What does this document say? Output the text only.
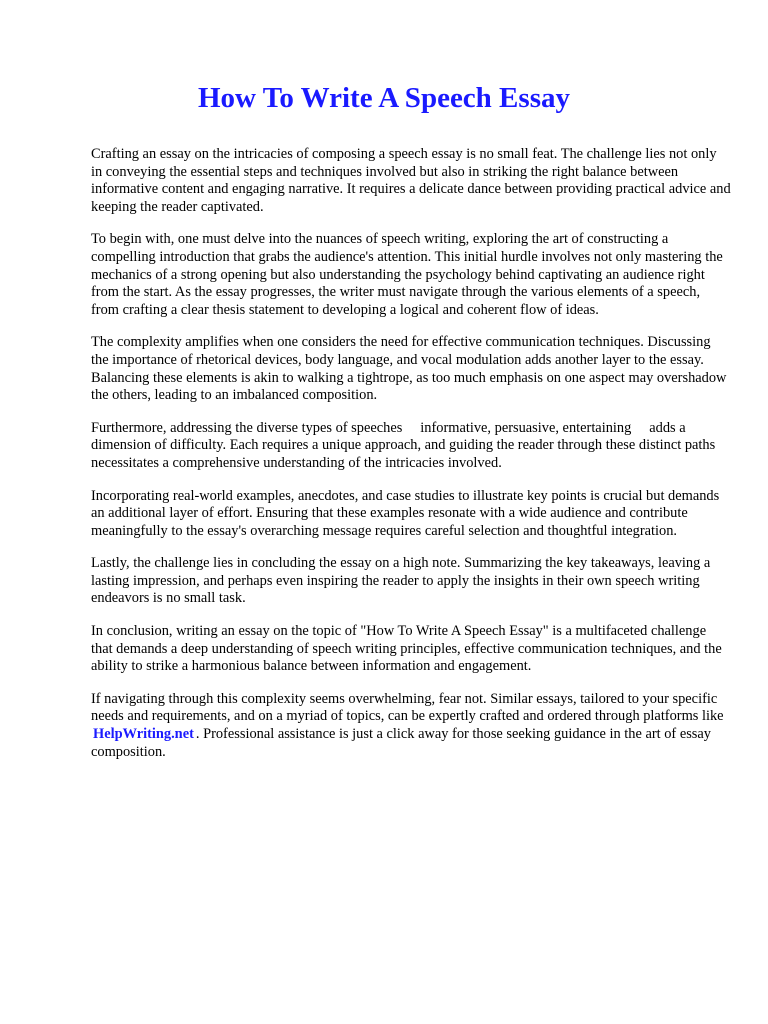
How To Write A Speech Essay

Crafting an essay on the intricacies of composing a speech essay is no small feat. The challenge lies not only in conveying the essential steps and techniques involved but also in striking the right balance between informative content and engaging narrative. It requires a delicate dance between providing practical advice and keeping the reader captivated.

To begin with, one must delve into the nuances of speech writing, exploring the art of constructing a compelling introduction that grabs the audience's attention. This initial hurdle involves not only mastering the mechanics of a strong opening but also understanding the psychology behind captivating an audience right from the start. As the essay progresses, the writer must navigate through the various elements of a speech, from crafting a clear thesis statement to developing a logical and coherent flow of ideas.

The complexity amplifies when one considers the need for effective communication techniques. Discussing the importance of rhetorical devices, body language, and vocal modulation adds another layer to the essay. Balancing these elements is akin to walking a tightrope, as too much emphasis on one aspect may overshadow the others, leading to an imbalanced composition.

Furthermore, addressing the diverse types of speeches  informative, persuasive, entertaining  adds a dimension of difficulty. Each requires a unique approach, and guiding the reader through these distinct paths necessitates a comprehensive understanding of the intricacies involved.

Incorporating real-world examples, anecdotes, and case studies to illustrate key points is crucial but demands an additional layer of effort. Ensuring that these examples resonate with a wide audience and contribute meaningfully to the essay's overarching message requires careful selection and thoughtful integration.

Lastly, the challenge lies in concluding the essay on a high note. Summarizing the key takeaways, leaving a lasting impression, and perhaps even inspiring the reader to apply the insights in their own speech writing endeavors is no small task.

In conclusion, writing an essay on the topic of "How To Write A Speech Essay" is a multifaceted challenge that demands a deep understanding of speech writing principles, effective communication techniques, and the ability to strike a harmonious balance between information and engagement.

If navigating through this complexity seems overwhelming, fear not. Similar essays, tailored to your specific needs and requirements, and on a myriad of topics, can be expertly crafted and ordered through platforms like HelpWriting.net . Professional assistance is just a click away for those seeking guidance in the art of essay composition.
